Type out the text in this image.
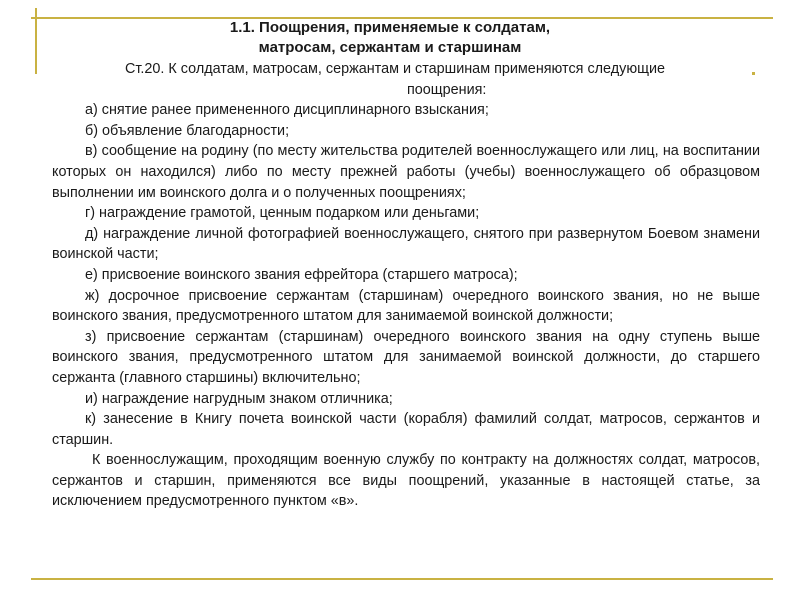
1.1. Поощрения, применяемые к солдатам,
матросам, сержантам и старшинам

Ст.20. К солдатам, матросам, сержантам и старшинам применяются следующие

поощрения:

а) снятие ранее примененного дисциплинарного взыскания;

б) объявление благодарности;

в) сообщение на родину (по месту жительства родителей военнослужащего или лиц, на воспитании которых он находился) либо по месту прежней работы (учебы) военнослужащего об образцовом выполнении им воинского долга и о полученных поощрениях;

г) награждение грамотой, ценным подарком или деньгами;

д) награждение личной фотографией военнослужащего, снятого при развернутом Боевом знамени воинской части;

е) присвоение воинского звания ефрейтора (старшего матроса);

ж) досрочное присвоение сержантам (старшинам) очередного воинского звания, но не выше воинского звания, предусмотренного штатом для занимаемой воинской должности;

з) присвоение сержантам (старшинам) очередного воинского звания на одну ступень выше воинского звания, предусмотренного штатом для занимаемой воинской должности, до старшего сержанта (главного старшины) включительно;

и) награждение нагрудным знаком отличника;

к) занесение в Книгу почета воинской части (корабля) фамилий солдат, матросов, сержантов и старшин.

К военнослужащим, проходящим военную службу по контракту на должностях солдат, матросов, сержантов и старшин, применяются все виды поощрений, указанные в настоящей статье, за исключением предусмотренного пунктом «в».
